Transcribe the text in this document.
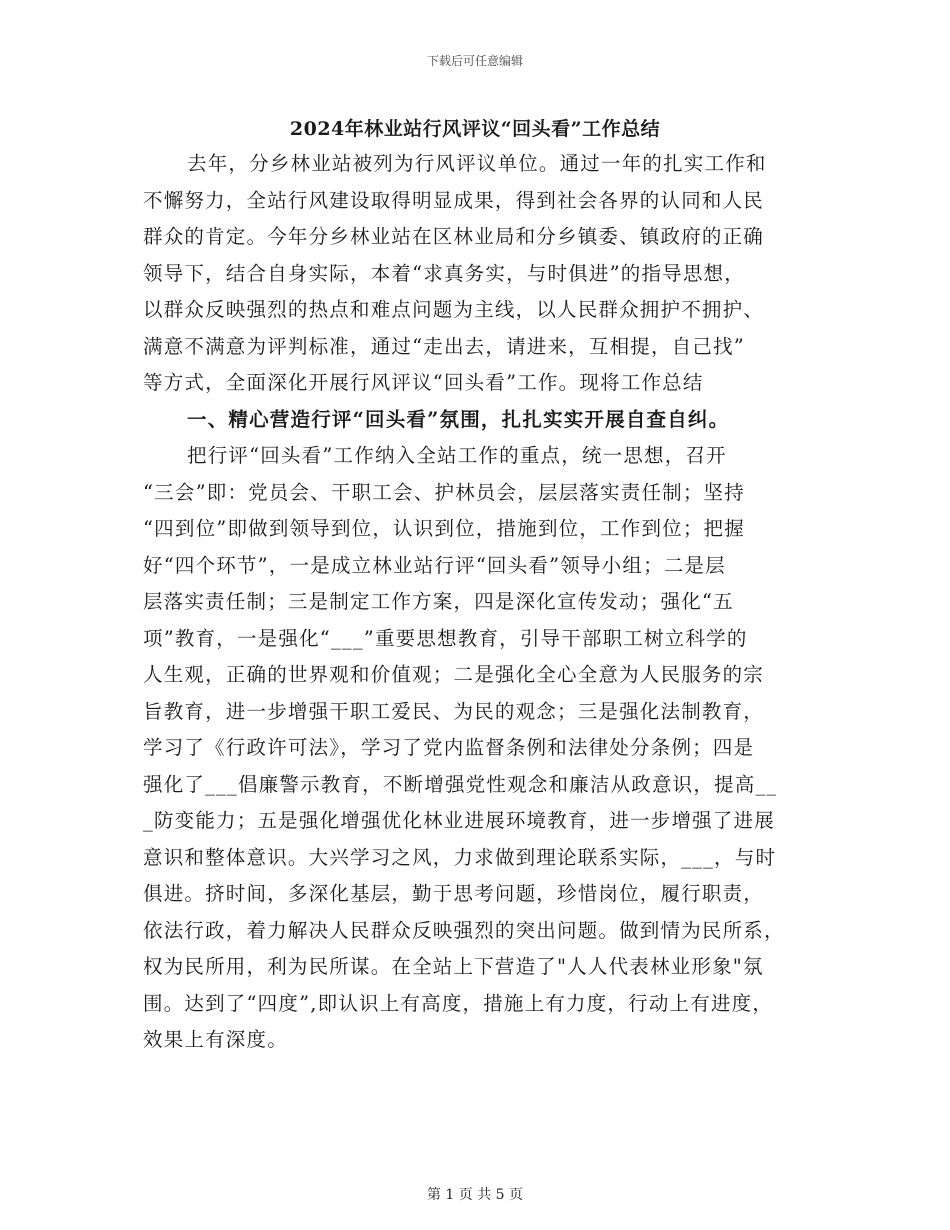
下载后可任意编辑
2024年林业站行风评议“回头看”工作总结
去年，分乡林业站被列为行风评议单位。通过一年的扎实工作和
不懈努力，全站行风建设取得明显成果，得到社会各界的认同和人民
群众的肯定。今年分乡林业站在区林业局和分乡镇委、镇政府的正确
领导下，结合自身实际，本着“求真务实，与时俱进”的指导思想，
以群众反映强烈的热点和难点问题为主线，以人民群众拥护不拥护、
满意不满意为评判标准，通过“走出去，请进来，互相提，自己找”
等方式，全面深化开展行风评议“回头看”工作。现将工作总结
一、精心营造行评“回头看”氛围，扎扎实实开展自查自纠。
把行评“回头看”工作纳入全站工作的重点，统一思想，召开
“三会”即：党员会、干职工会、护林员会，层层落实责任制；坚持
“四到位”即做到领导到位，认识到位，措施到位，工作到位；把握
好“四个环节”，一是成立林业站行评“回头看”领导小组；二是层
层落实责任制；三是制定工作方案，四是深化宣传发动；强化“五
项”教育，一是强化“___”重要思想教育，引导干部职工树立科学的
人生观，正确的世界观和价值观；二是强化全心全意为人民服务的宗
旨教育，进一步增强干职工爱民、为民的观念；三是强化法制教育，
学习了《行政许可法》，学习了党内监督条例和法律处分条例；四是
强化了___倡廉警示教育，不断增强党性观念和廉洁从政意识，提高__
_防变能力；五是强化增强优化林业进展环境教育，进一步增强了进展
意识和整体意识。大兴学习之风，力求做到理论联系实际，___，与时
俱进。挤时间，多深化基层，勤于思考问题，珍惜岗位，履行职责，
依法行政，着力解决人民群众反映强烈的突出问题。做到情为民所系，
权为民所用，利为民所谋。在全站上下营造了"人人代表林业形象"氛
围。达到了“四度”,即认识上有高度，措施上有力度，行动上有进度，
效果上有深度。
第 1 页 共 5 页
